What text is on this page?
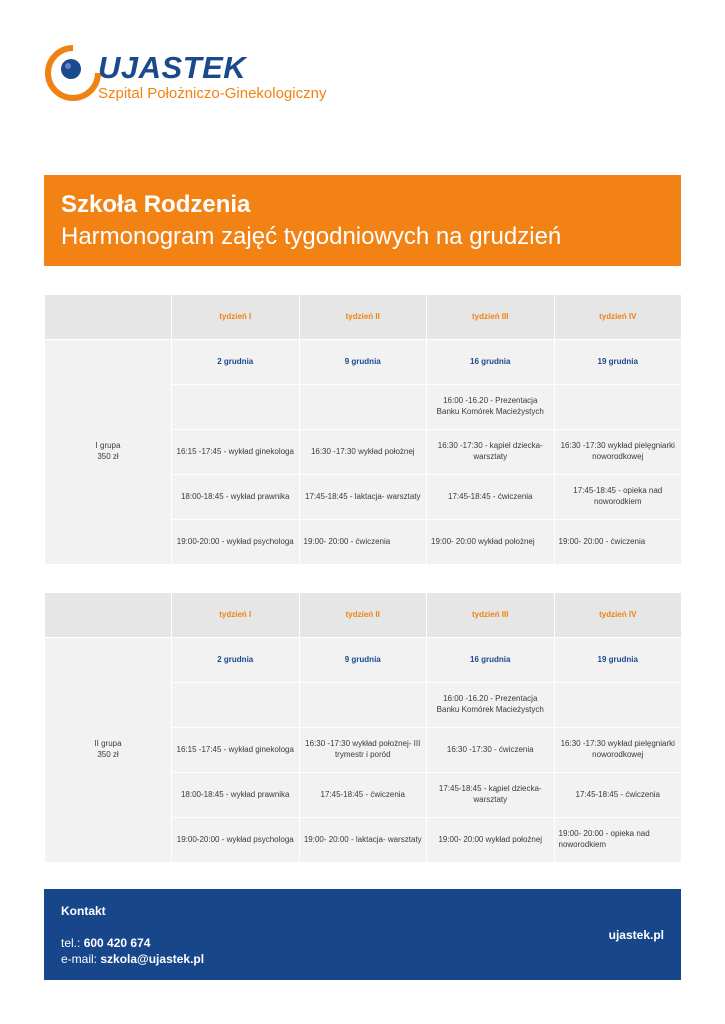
UJASTEK
Szpital Położniczo-Ginekologiczny
Szkoła Rodzenia
Harmonogram zajęć tygodniowych na grudzień
	tydzień I	tydzień II	tydzień III	tydzień IV

I grupa
350 zł	2 grudnia	9 grudnia	16 grudnia	19 grudnia
			16:00 -16.20 - Prezentacja Banku Komórek Macieżystych	
	16:15 -17:45 - wykład ginekologa	16:30 -17:30 wykład położnej	16:30 -17:30 - kąpiel dziecka- warsztaty	16:30 -17:30 wykład pielęgniarki noworodkowej
	18:00-18:45 - wykład prawnika	17:45-18:45 - laktacja- warsztaty	17:45-18:45 - ćwiczenia	17:45-18:45 - opieka nad noworodkiem
	19:00-20:00 - wykład psychologa	19:00- 20:00 - ćwiczenia	19:00- 20:00 wykład położnej	19:00- 20:00 - ćwiczenia
	tydzień I	tydzień II	tydzień III	tydzień IV

II grupa
350 zł	2 grudnia	9 grudnia	16 grudnia	19 grudnia
			16:00 -16.20 - Prezentacja Banku Komórek Macieżystych	
	16:15 -17:45 - wykład ginekologa	16:30 -17:30 wykład położnej- III trymestr i poród	16:30 -17:30 - ćwiczenia	16:30 -17:30 wykład pielęgniarki noworodkowej
	18:00-18:45 - wykład prawnika	17:45-18:45 - ćwiczenia	17:45-18:45 - kąpiel dziecka- warsztaty	17:45-18:45 - ćwiczenia
	19:00-20:00 - wykład psychologa	19:00- 20:00 - laktacja- warsztaty	19:00- 20:00 wykład położnej	19:00- 20:00 - opieka nad noworodkiem
Kontakt
tel.: 600 420 674
e-mail: szkola@ujastek.pl
ujastek.pl
